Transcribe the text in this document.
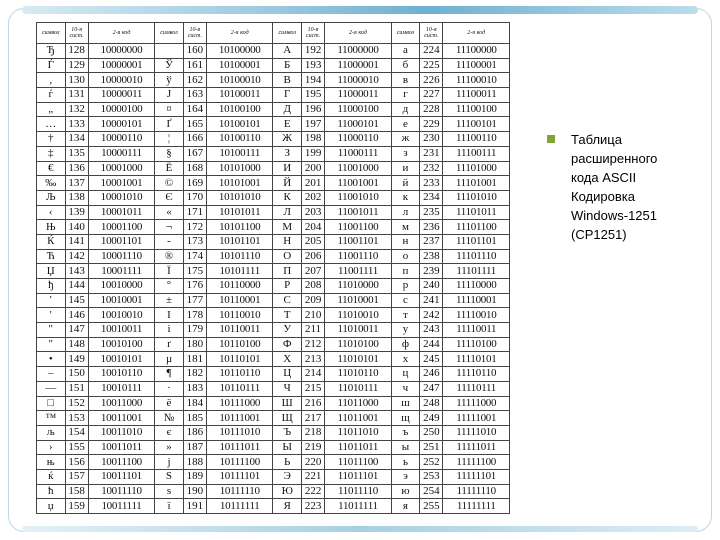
символ	10-я сист.	2-я код	символ	10-я сист.	2-я код	символ	10-я сист.	2-я код	символ	10-я сист.	2-я код
Ђ	128	10000000		160	10100000	А	192	11000000	а	224	11100000
Ѓ	129	10000001	Ў	161	10100001	Б	193	11000001	б	225	11100001
‚	130	10000010	ў	162	10100010	В	194	11000010	в	226	11100010
ѓ	131	10000011	Ј	163	10100011	Г	195	11000011	г	227	11100011
„	132	10000100	¤	164	10100100	Д	196	11000100	д	228	11100100
…	133	10000101	Ґ	165	10100101	Е	197	11000101	е	229	11100101
†	134	10000110	¦	166	10100110	Ж	198	11000110	ж	230	11100110
‡	135	10000111	§	167	10100111	З	199	11000111	з	231	11100111
€	136	10001000	Ё	168	10101000	И	200	11001000	и	232	11101000
‰	137	10001001	©	169	10101001	Й	201	11001001	й	233	11101001
Љ	138	10001010	Є	170	10101010	К	202	11001010	к	234	11101010
‹	139	10001011	«	171	10101011	Л	203	11001011	л	235	11101011
Њ	140	10001100	¬	172	10101100	М	204	11001100	м	236	11101100
Ќ	141	10001101	-	173	10101101	Н	205	11001101	н	237	11101101
Ћ	142	10001110	®	174	10101110	О	206	11001110	о	238	11101110
Џ	143	10001111	Ї	175	10101111	П	207	11001111	п	239	11101111
ђ	144	10010000	°	176	10110000	Р	208	11010000	р	240	11110000
'	145	10010001	±	177	10110001	С	209	11010001	с	241	11110001
'	146	10010010	І	178	10110010	Т	210	11010010	т	242	11110010
"	147	10010011	і	179	10110011	У	211	11010011	у	243	11110011
"	148	10010100	ґ	180	10110100	Ф	212	11010100	ф	244	11110100
•	149	10010101	µ	181	10110101	Х	213	11010101	х	245	11110101
–	150	10010110	¶	182	10110110	Ц	214	11010110	ц	246	11110110
—	151	10010111	·	183	10110111	Ч	215	11010111	ч	247	11110111
□	152	10011000	ё	184	10111000	Ш	216	11011000	ш	248	11111000
™	153	10011001	№	185	10111001	Щ	217	11011001	щ	249	11111001
љ	154	10011010	є	186	10111010	Ъ	218	11011010	ъ	250	11111010
›	155	10011011	»	187	10111011	Ы	219	11011011	ы	251	11111011
њ	156	10011100	ј	188	10111100	Ь	220	11011100	ь	252	11111100
ќ	157	10011101	Ѕ	189	10111101	Э	221	11011101	э	253	11111101
ћ	158	10011110	ѕ	190	10111110	Ю	222	11011110	ю	254	11111110
џ	159	10011111	ї	191	10111111	Я	223	11011111	я	255	11111111
Таблица
расширенного
кода ASCII
Кодировка
Windows-1251
(CP1251)
